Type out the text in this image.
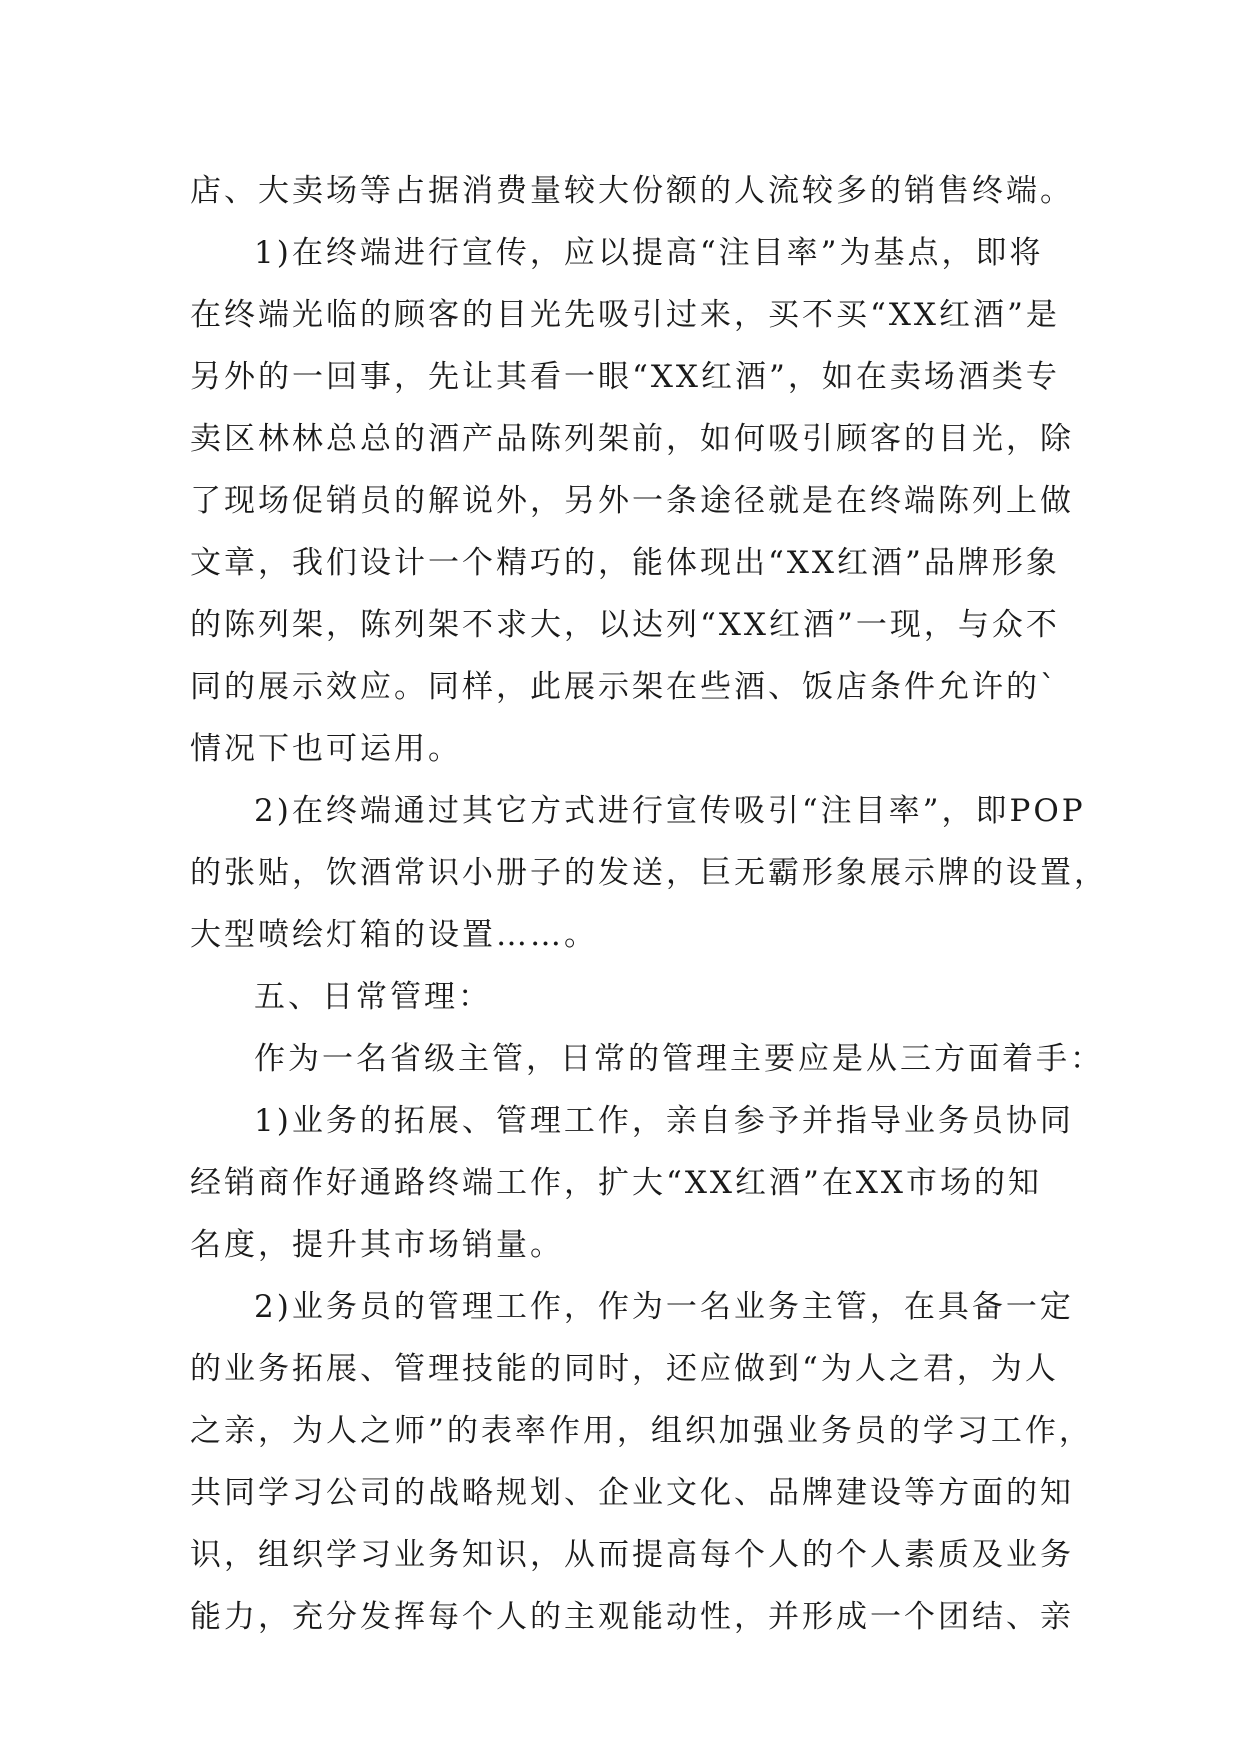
店、大卖场等占据消费量较大份额的人流较多的销售终端。
1)在终端进行宣传，应以提高“注目率”为基点，即将
在终端光临的顾客的目光先吸引过来，买不买“XX红酒”是
另外的一回事，先让其看一眼“XX红酒”，如在卖场酒类专
卖区林林总总的酒产品陈列架前，如何吸引顾客的目光，除
了现场促销员的解说外，另外一条途径就是在终端陈列上做
文章，我们设计一个精巧的，能体现出“XX红酒”品牌形象
的陈列架，陈列架不求大，以达列“XX红酒”一现，与众不
同的展示效应。同样，此展示架在些酒、饭店条件允许的`
情况下也可运用。
2)在终端通过其它方式进行宣传吸引“注目率”，即POP
的张贴，饮酒常识小册子的发送，巨无霸形象展示牌的设置，
大型喷绘灯箱的设置……。
五、日常管理：
作为一名省级主管，日常的管理主要应是从三方面着手：
1)业务的拓展、管理工作，亲自参予并指导业务员协同
经销商作好通路终端工作，扩大“XX红酒”在XX市场的知
名度，提升其市场销量。
2)业务员的管理工作，作为一名业务主管，在具备一定
的业务拓展、管理技能的同时，还应做到“为人之君，为人
之亲，为人之师”的表率作用，组织加强业务员的学习工作，
共同学习公司的战略规划、企业文化、品牌建设等方面的知
识，组织学习业务知识，从而提高每个人的个人素质及业务
能力，充分发挥每个人的主观能动性，并形成一个团结、亲
